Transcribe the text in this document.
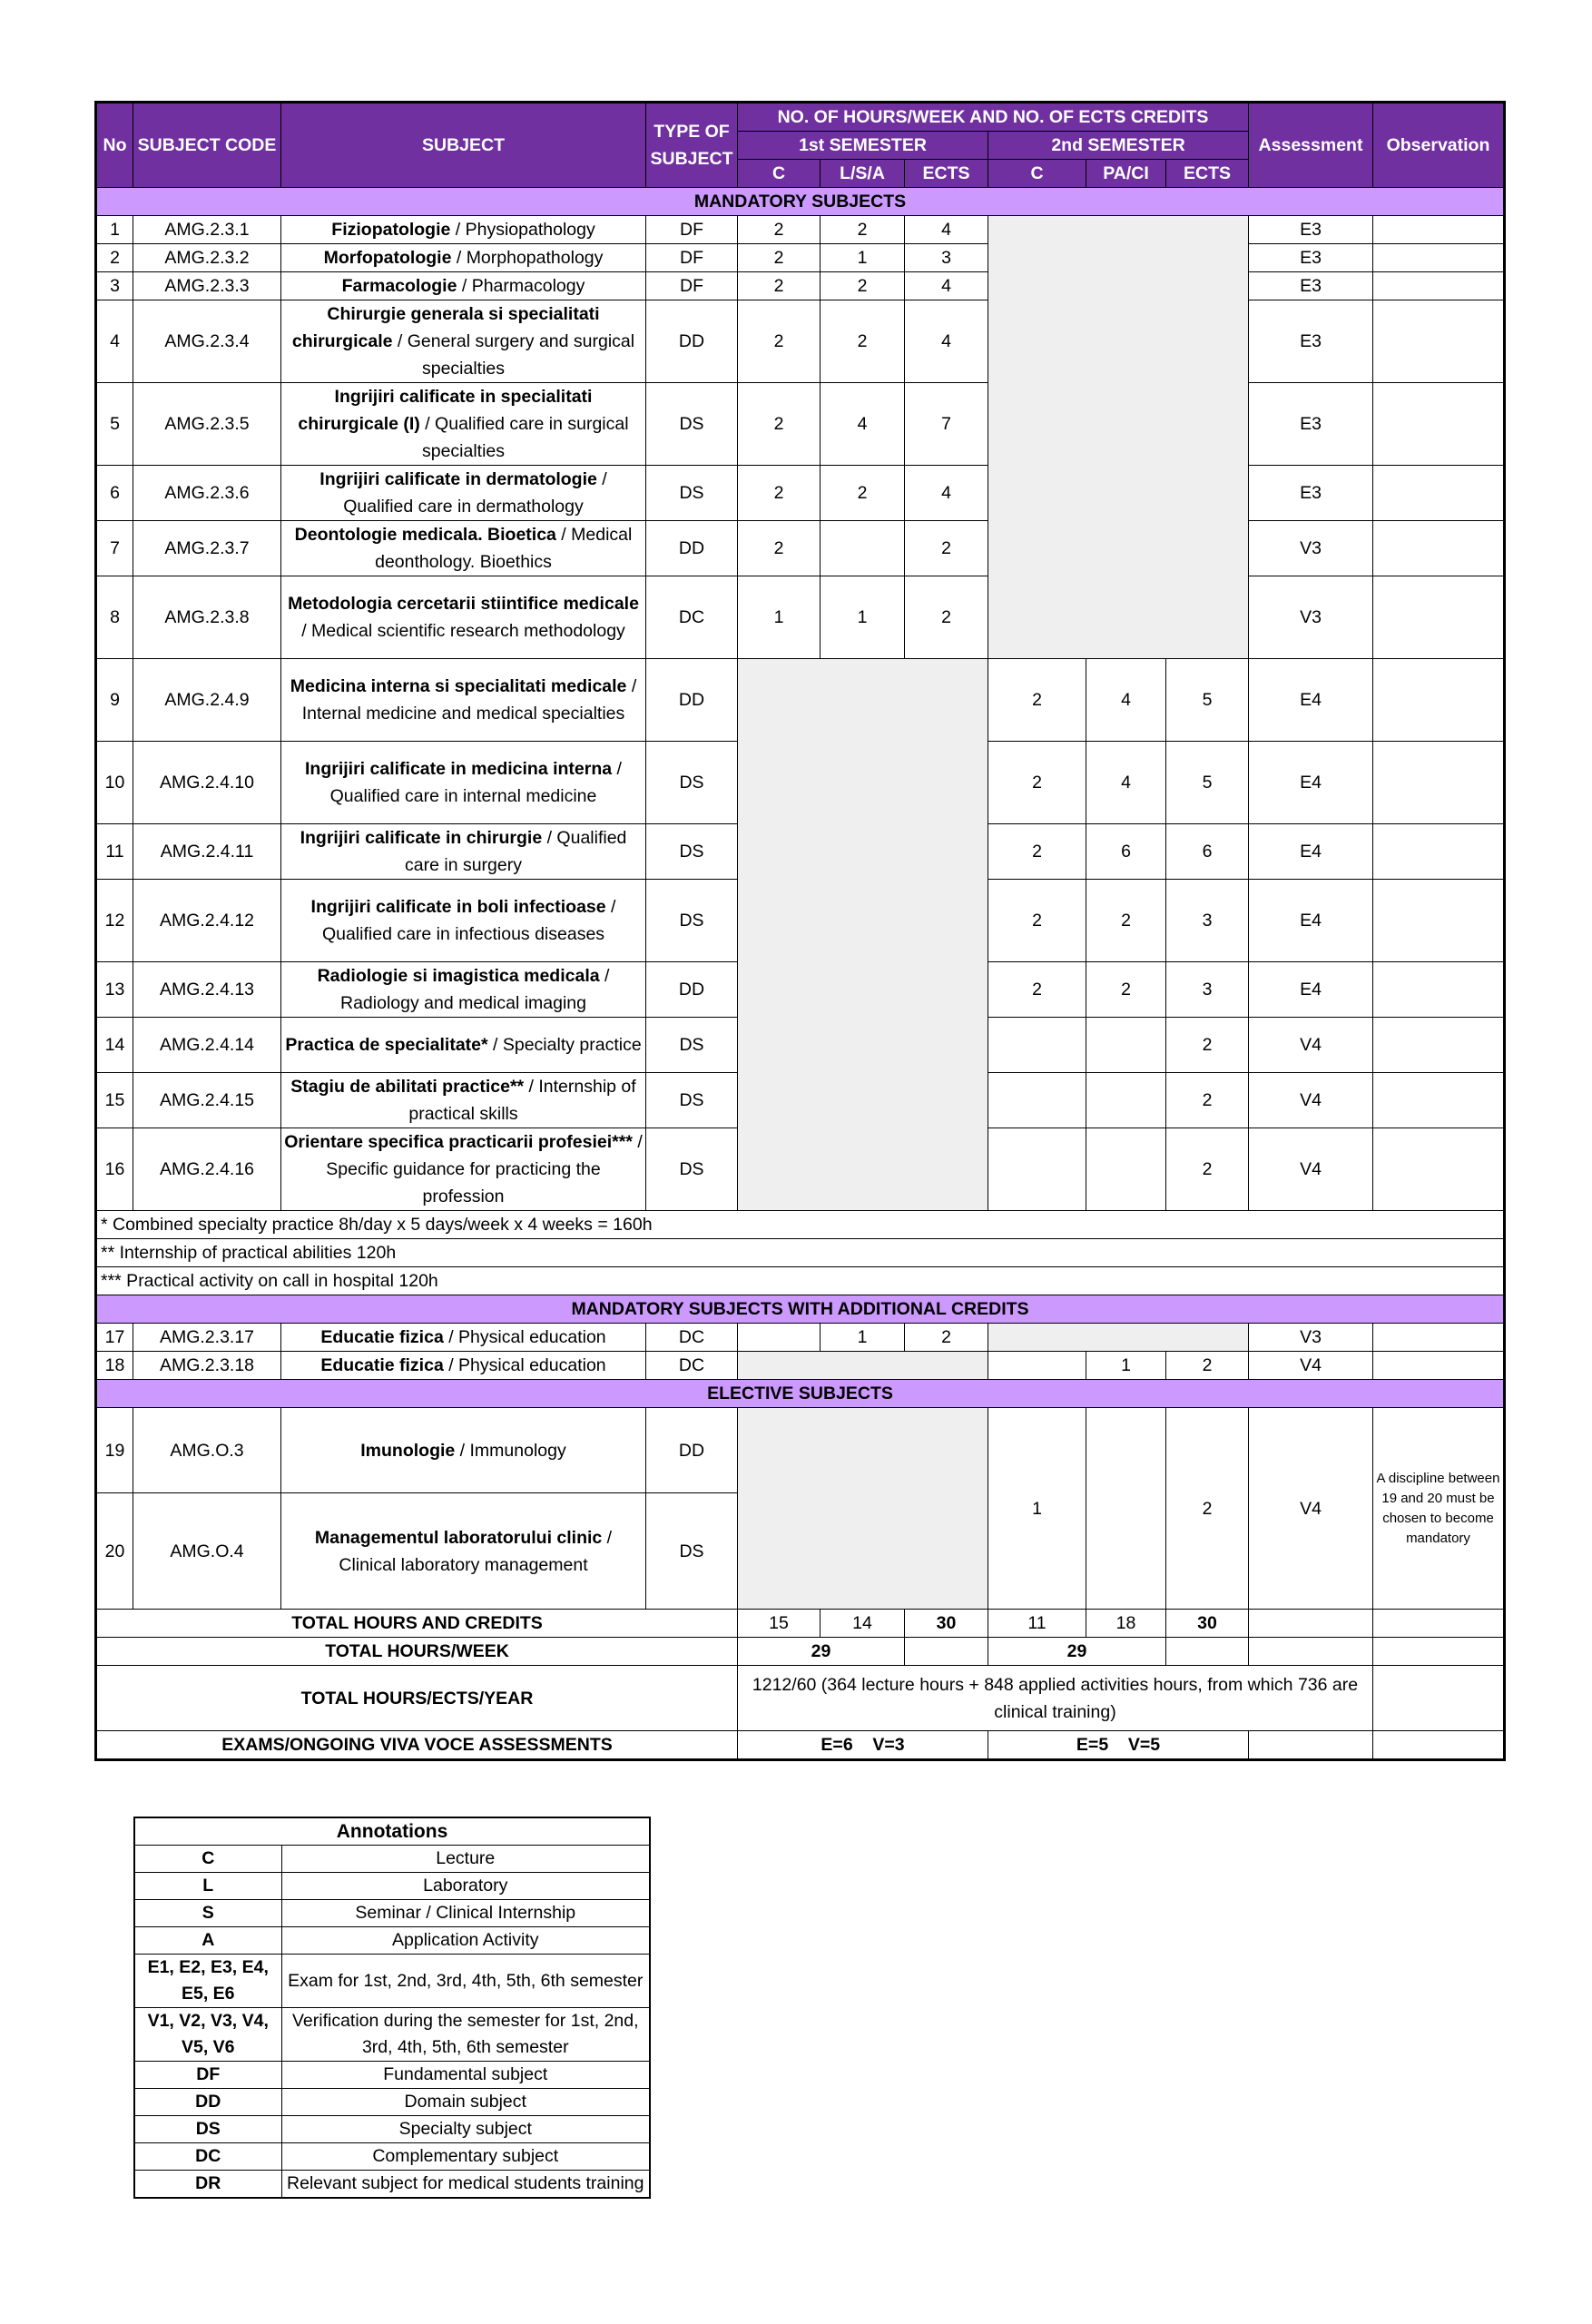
No	SUBJECT CODE	SUBJECT	TYPE OF SUBJECT	NO. OF HOURS/WEEK AND NO. OF ECTS CREDITS						Assessment	Observation
				1st SEMESTER			2nd SEMESTER				
				C	L/S/A	ECTS	C	PA/CI	ECTS		
MANDATORY SUBJECTS											
1	AMG.2.3.1	Fiziopatologie / Physiopathology	DF	2	2	4				E3	
2	AMG.2.3.2	Morfopatologie / Morphopathology	DF	2	1	3				E3	
3	AMG.2.3.3	Farmacologie / Pharmacology	DF	2	2	4				E3	
4	AMG.2.3.4	Chirurgie generala si specialitati chirurgicale / General surgery and surgical specialties	DD	2	2	4				E3	
5	AMG.2.3.5	Ingrijiri calificate in specialitati chirurgicale (I) / Qualified care in surgical specialties	DS	2	4	7				E3	
6	AMG.2.3.6	Ingrijiri calificate in dermatologie / Qualified care in dermathology	DS	2	2	4				E3	
7	AMG.2.3.7	Deontologie medicala. Bioetica / Medical deonthology. Bioethics	DD	2		2				V3	
8	AMG.2.3.8	Metodologia cercetarii stiintifice medicale / Medical scientific research methodology	DC	1	1	2				V3	
9	AMG.2.4.9	Medicina interna si specialitati medicale / Internal medicine and medical specialties	DD				2	4	5	E4	
10	AMG.2.4.10	Ingrijiri calificate in medicina interna / Qualified care in internal medicine	DS				2	4	5	E4	
11	AMG.2.4.11	Ingrijiri calificate in chirurgie / Qualified care in surgery	DS				2	6	6	E4	
12	AMG.2.4.12	Ingrijiri calificate in boli infectioase / Qualified care in infectious diseases	DS				2	2	3	E4	
13	AMG.2.4.13	Radiologie si imagistica medicala / Radiology and medical imaging	DD				2	2	3	E4	
14	AMG.2.4.14	Practica de specialitate* / Specialty practice	DS						2	V4	
15	AMG.2.4.15	Stagiu de abilitati practice** / Internship of practical skills	DS						2	V4	
16	AMG.2.4.16	Orientare specifica practicarii profesiei*** / Specific guidance for practicing the profession	DS						2	V4	
* Combined specialty practice 8h/day x 5 days/week x 4 weeks = 160h											
** Internship of practical abilities 120h											
*** Practical activity on call in hospital 120h											
MANDATORY SUBJECTS WITH ADDITIONAL CREDITS											
17	AMG.2.3.17	Educatie fizica / Physical education	DC		1	2				V3	
18	AMG.2.3.18	Educatie fizica / Physical education	DC					1	2	V4	
ELECTIVE SUBJECTS											
19	AMG.O.3	Imunologie / Immunology	DD				1		2	V4	A discipline between 19 and 20 must be chosen to become mandatory
20	AMG.O.4	Managementul laboratorului clinic / Clinical laboratory management	DS								
TOTAL HOURS AND CREDITS				15	14	30	11	18	30		
TOTAL HOURS/WEEK				29			29				
TOTAL HOURS/ECTS/YEAR				1212/60 (364 lecture hours + 848 applied activities hours, from which 736 are clinical training)							
EXAMS/ONGOING VIVA VOCE ASSESSMENTS				E=6    V=3			E=5    V=5				
Annotations	
C	Lecture
L	Laboratory
S	Seminar / Clinical Internship
A	Application Activity
E1, E2, E3, E4, E5, E6	Exam for 1st, 2nd, 3rd, 4th, 5th, 6th semester
V1, V2, V3, V4, V5, V6	Verification during the semester for 1st, 2nd, 3rd, 4th, 5th, 6th semester
DF	Fundamental subject
DD	Domain subject
DS	Specialty subject
DC	Complementary subject
DR	Relevant subject for medical students training
